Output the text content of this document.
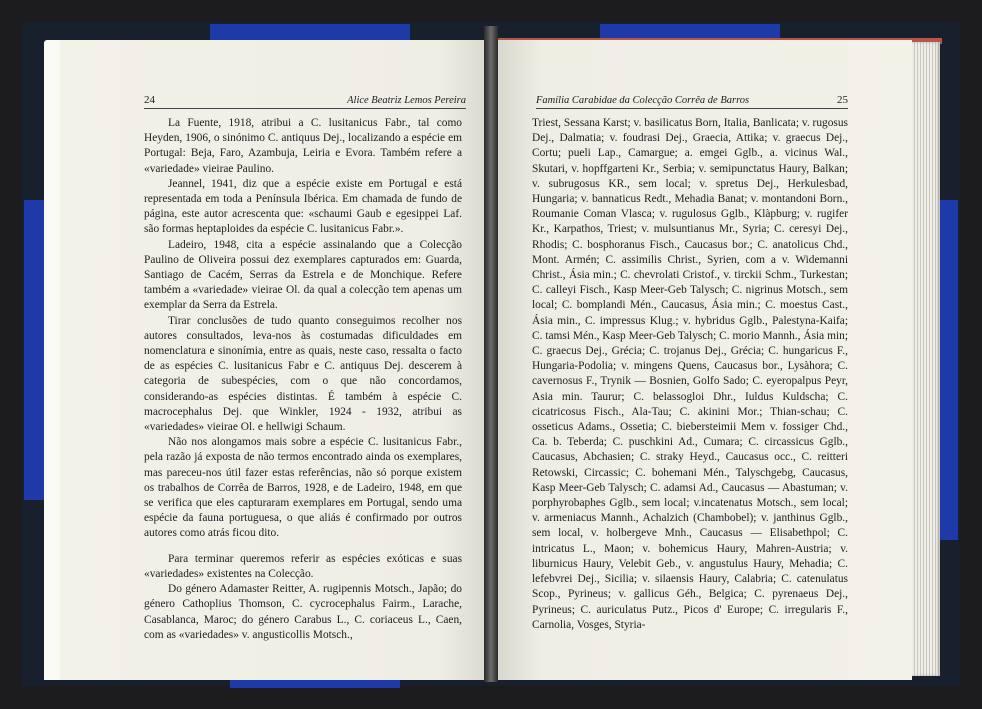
24	Alice Beatriz Lemos Pereira

La Fuente, 1918, atribui a C. lusitanicus Fabr., tal como Heyden, 1906, o sinónimo C. antiquus Dej., localizando a espécie em Portugal: Beja, Faro, Azambuja, Leiria e Evora. Também refere a «variedade» vieirae Paulino.

Jeannel, 1941, diz que a espécie existe em Portugal e está representada em toda a Península Ibérica. Em chamada de fundo de página, este autor acrescenta que: «schaumi Gaub e egesippei Laf. são formas heptaploides da espécie C. lusitanicus Fabr.».

Ladeiro, 1948, cita a espécie assinalando que a Colecção Paulino de Oliveira possui dez exemplares capturados em: Guarda, Santiago de Cacém, Serras da Estrela e de Monchique. Refere também a «variedade» vieirae Ol. da qual a colecção tem apenas um exemplar da Serra da Estrela.

Tirar conclusões de tudo quanto conseguimos recolher nos autores consultados, leva-nos às costumadas dificuldades em nomenclatura e sinonímia, entre as quais, neste caso, ressalta o facto de as espécies C. lusitanicus Fabr e C. antiquus Dej. descerem à categoria de subespécies, com o que não concordamos, considerando-as espécies distintas. É também à espécie C. macrocephalus Dej. que Winkler, 1924 - 1932, atribui as «variedades» vieirae Ol. e hellwigi Schaum.

Não nos alongamos mais sobre a espécie C. lusitanicus Fabr., pela razão já exposta de não termos encontrado ainda os exemplares, mas pareceu-nos útil fazer estas referências, não só porque existem os trabalhos de Corrêa de Barros, 1928, e de Ladeiro, 1948, em que se verifica que eles capturaram exemplares em Portugal, sendo uma espécie da fauna portuguesa, o que aliás é confirmado por outros autores como atrás ficou dito.

Para terminar queremos referir as espécies exóticas e suas «variedades» existentes na Colecção.

Do género Adamaster Reitter, A. rugipennis Motsch., Japão; do género Cathoplius Thomson, C. cycrocephalus Fairm., Larache, Casablanca, Maroc; do género Carabus L., C. coriaceus L., Caen, com as «variedades» v. angusticollis Motsch.,

Família Carabidae da Colecção Corrêa de Barros	25

Triest, Sessana Karst; v. basilicatus Born, Italia, Banlicata; v. rugosus Dej., Dalmatia; v. foudrasi Dej., Graecia, Attika; v. graecus Dej., Cortu; pueli Lap., Camargue; a. emgei Gglb., a. vicinus Wal., Skutari, v. hopffgarteni Kr., Serbia; v. semipunctatus Haury, Balkan; v. subrugosus KR., sem local; v. spretus Dej., Herkulesbad, Hungaria; v. bannaticus Redt., Mehadia Banat; v. montandoni Born., Roumanie Coman Vlasca; v. rugulosus Gglb., Klàpburg; v. rugifer Kr., Karpathos, Triest; v. mulsuntianus Mr., Syria; C. ceresyi Dej., Rhodis; C. bosphoranus Fisch., Caucasus bor.; C. anatolicus Chd., Mont. Armén; C. assimilis Christ., Syrien, com a v. Widemanni Christ., Ásia min.; C. chevrolati Cristof., v. tirckii Schm., Turkestan; C. calleyi Fisch., Kasp Meer-Geb Talysch; C. nigrinus Motsch., sem local; C. bomplandi Mén., Caucasus, Ásia min.; C. moestus Cast., Ásia min., C. impressus Klug.; v. hybridus Gglb., Palestyna-Kaifa; C. tamsi Mén., Kasp Meer-Geb Talysch; C. morio Mannh., Ásia min; C. graecus Dej., Grécia; C. trojanus Dej., Grécia; C. hungaricus F., Hungaria-Podolia; v. mingens Quens, Caucasus bor., Lysàhora; C. cavernosus F., Trynik — Bosnien, Golfo Sado; C. eyeropalpus Peyr, Asia min. Taurur; C. belassogloi Dhr., Iuldus Kuldscha; C. cicatricosus Fisch., Ala-Tau; C. akinini Mor.; Thian-schau; C. osseticus Adams., Ossetia; C. biebersteimii Mem v. fossiger Chd., Ca. b. Teberda; C. puschkini Ad., Cumara; C. circassicus Gglb., Caucasus, Abchasien; C. straky Heyd., Caucasus occ., C. reitteri Retowski, Circassic; C. bohemani Mén., Talyschgebg, Caucasus, Kasp Meer-Geb Talysch; C. adamsi Ad., Caucasus — Abastuman; v. porphyrobaphes Gglb., sem local; v.incatenatus Motsch., sem local; v. armeniacus Mannh., Achalzich (Chambobel); v. janthinus Gglb., sem local, v. holbergeve Mnh., Caucasus — Elisabethpol; C. intricatus L., Maon; v. bohemicus Haury, Mahren-Austria; v. liburnicus Haury, Velebit Geb., v. angustulus Haury, Mehadia; C. lefebvrei Dej., Sicilia; v. silaensis Haury, Calabria; C. catenulatus Scop., Pyrineus; v. gallicus Géh., Belgica; C. pyrenaeus Dej., Pyrineus; C. auriculatus Putz., Picos d' Europe; C. irregularis F., Carnolia, Vosges, Styria-
